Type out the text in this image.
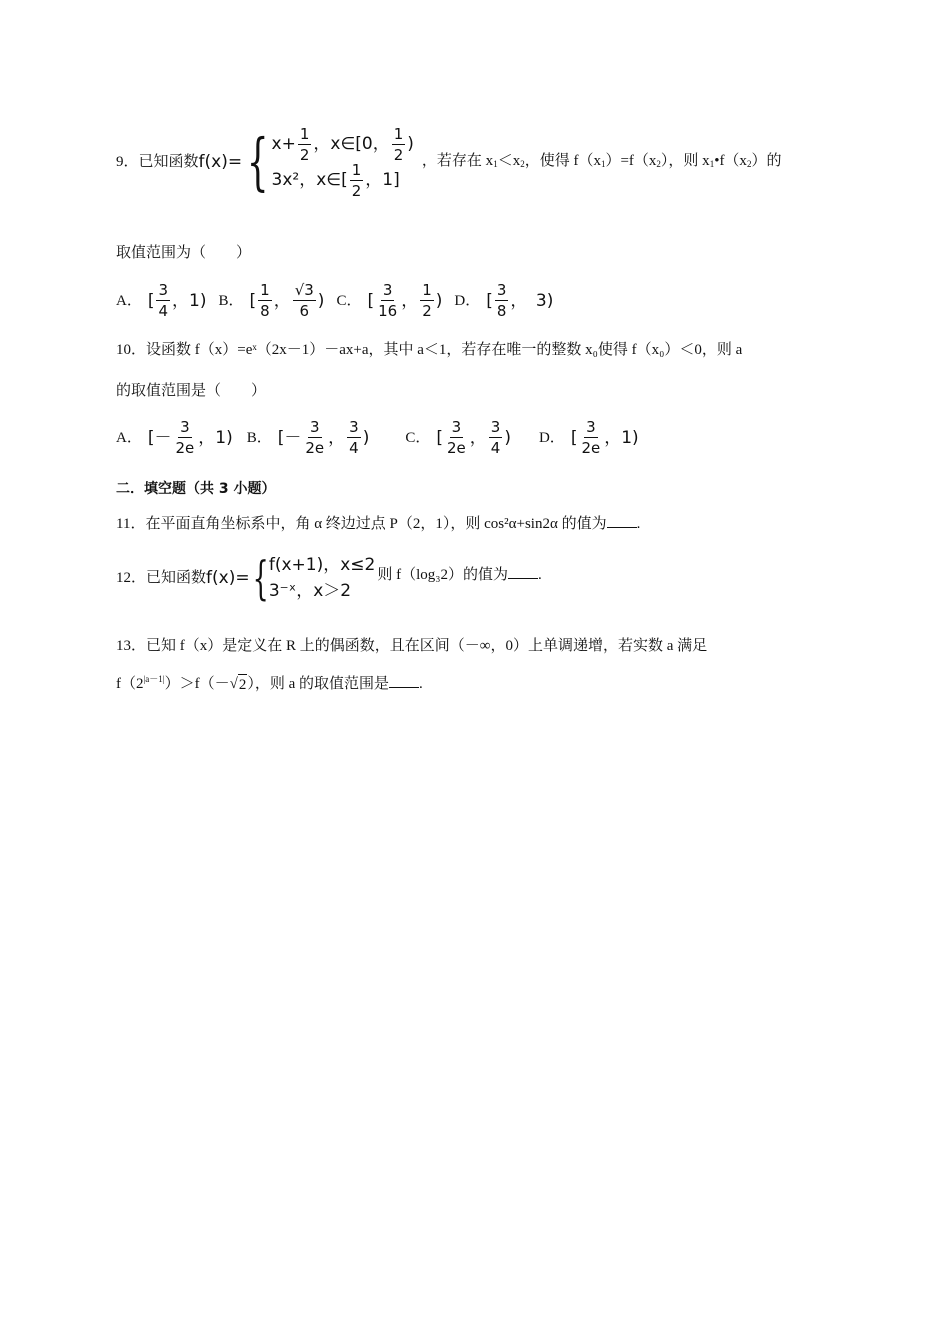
9． 已知函数 f(x)= { $x+ \frac{1}{2}$ ，x∈[0， $\frac{1}{2}$ )
3x²，x∈[ $\frac{1}{2}$ ，1]
，若存在 $x_1<x_2$，使得 $f(x_1)=f(x_2)$，则 $x_1•f(x_2)$的
取值范围为（　　）
A． [ $\frac{3}{4}$ ，1) B． [ $\frac{1}{8}$ ， $\frac{√3}{6}$ ) C． [ $\frac{3}{16}$ ， $\frac{1}{2}$ ) D． [ $\frac{3}{8}$ ，　3)
10．设函数 f（x）=eˣ（2x－1）－ax+a，其中 a＜1，若存在唯一的整数 x₀使得 f（x₀）＜0，则 a
的取值范围是（　　）
A． [－ $\frac{3}{2e}$ ，1) B． [－ $\frac{3}{2e}$ ， $\frac{3}{4}$ ) C． [ $\frac{3}{2e}$ ， $\frac{3}{4}$ ) D． [ $\frac{3}{2e}$ ，1)
二．填空题（共 3 小题）
11．在平面直角坐标系中，角 α 终边过点 P（2，1），则 cos²α+sin2α 的值为 .
12．已知函数 f(x)= { f(x+1)，x≤2
3⁻ˣ，x＞2
则 f（log₃2）的值为 .
13．已知 f（x）是定义在 R 上的偶函数，且在区间（－∞，0）上单调递增，若实数 a 满足
$f(2^{|a-1|})>f(-$ √ 2 ），则 a 的取值范围是 .
